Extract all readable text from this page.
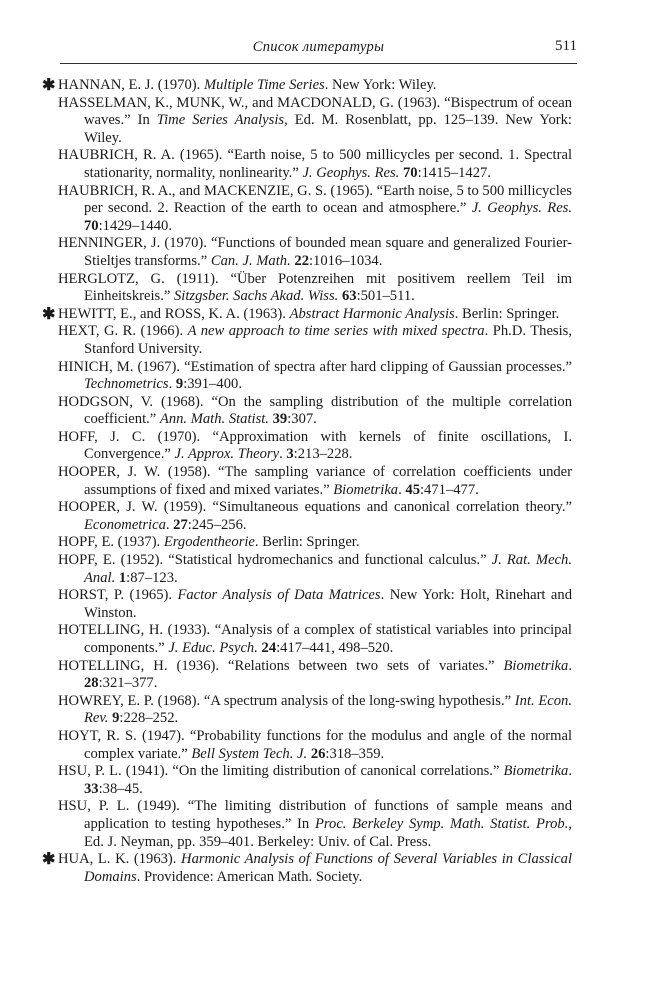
Список литературы	511

✱ HANNAN, E. J. (1970). Multiple Time Series. New York: Wiley.

HASSELMAN, K., MUNK, W., and MACDONALD, G. (1963). “Bispectrum of ocean waves.” In Time Series Analysis, Ed. M. Rosenblatt, pp. 125–139. New York: Wiley.

HAUBRICH, R. A. (1965). “Earth noise, 5 to 500 millicycles per second. 1. Spectral stationarity, normality, nonlinearity.” J. Geophys. Res. 70:1415–1427.

HAUBRICH, R. A., and MACKENZIE, G. S. (1965). “Earth noise, 5 to 500 millicycles per second. 2. Reaction of the earth to ocean and atmosphere.” J. Geophys. Res. 70:1429–1440.

HENNINGER, J. (1970). “Functions of bounded mean square and generalized Fourier-Stieltjes transforms.” Can. J. Math. 22:1016–1034.

HERGLOTZ, G. (1911). “Über Potenzreihen mit positivem reellem Teil im Einheitskreis.” Sitzgsber. Sachs Akad. Wiss. 63:501–511.

✱ HEWITT, E., and ROSS, K. A. (1963). Abstract Harmonic Analysis. Berlin: Springer.

HEXT, G. R. (1966). A new approach to time series with mixed spectra. Ph.D. Thesis, Stanford University.

HINICH, M. (1967). “Estimation of spectra after hard clipping of Gaussian processes.” Technometrics. 9:391–400.

HODGSON, V. (1968). “On the sampling distribution of the multiple correlation coefficient.” Ann. Math. Statist. 39:307.

HOFF, J. C. (1970). “Approximation with kernels of finite oscillations, I. Convergence.” J. Approx. Theory. 3:213–228.

HOOPER, J. W. (1958). “The sampling variance of correlation coefficients under assumptions of fixed and mixed variates.” Biometrika. 45:471–477.

HOOPER, J. W. (1959). “Simultaneous equations and canonical correlation theory.” Econometrica. 27:245–256.

HOPF, E. (1937). Ergodentheorie. Berlin: Springer.

HOPF, E. (1952). “Statistical hydromechanics and functional calculus.” J. Rat. Mech. Anal. 1:87–123.

HORST, P. (1965). Factor Analysis of Data Matrices. New York: Holt, Rinehart and Winston.

HOTELLING, H. (1933). “Analysis of a complex of statistical variables into principal components.” J. Educ. Psych. 24:417–441, 498–520.

HOTELLING, H. (1936). “Relations between two sets of variates.” Biometrika. 28:321–377.

HOWREY, E. P. (1968). “A spectrum analysis of the long-swing hypothesis.” Int. Econ. Rev. 9:228–252.

HOYT, R. S. (1947). “Probability functions for the modulus and angle of the normal complex variate.” Bell System Tech. J. 26:318–359.

HSU, P. L. (1941). “On the limiting distribution of canonical correlations.” Biometrika. 33:38–45.

HSU, P. L. (1949). “The limiting distribution of functions of sample means and application to testing hypotheses.” In Proc. Berkeley Symp. Math. Statist. Prob., Ed. J. Neyman, pp. 359–401. Berkeley: Univ. of Cal. Press.

✱ HUA, L. K. (1963). Harmonic Analysis of Functions of Several Variables in Classical Domains. Providence: American Math. Society.
